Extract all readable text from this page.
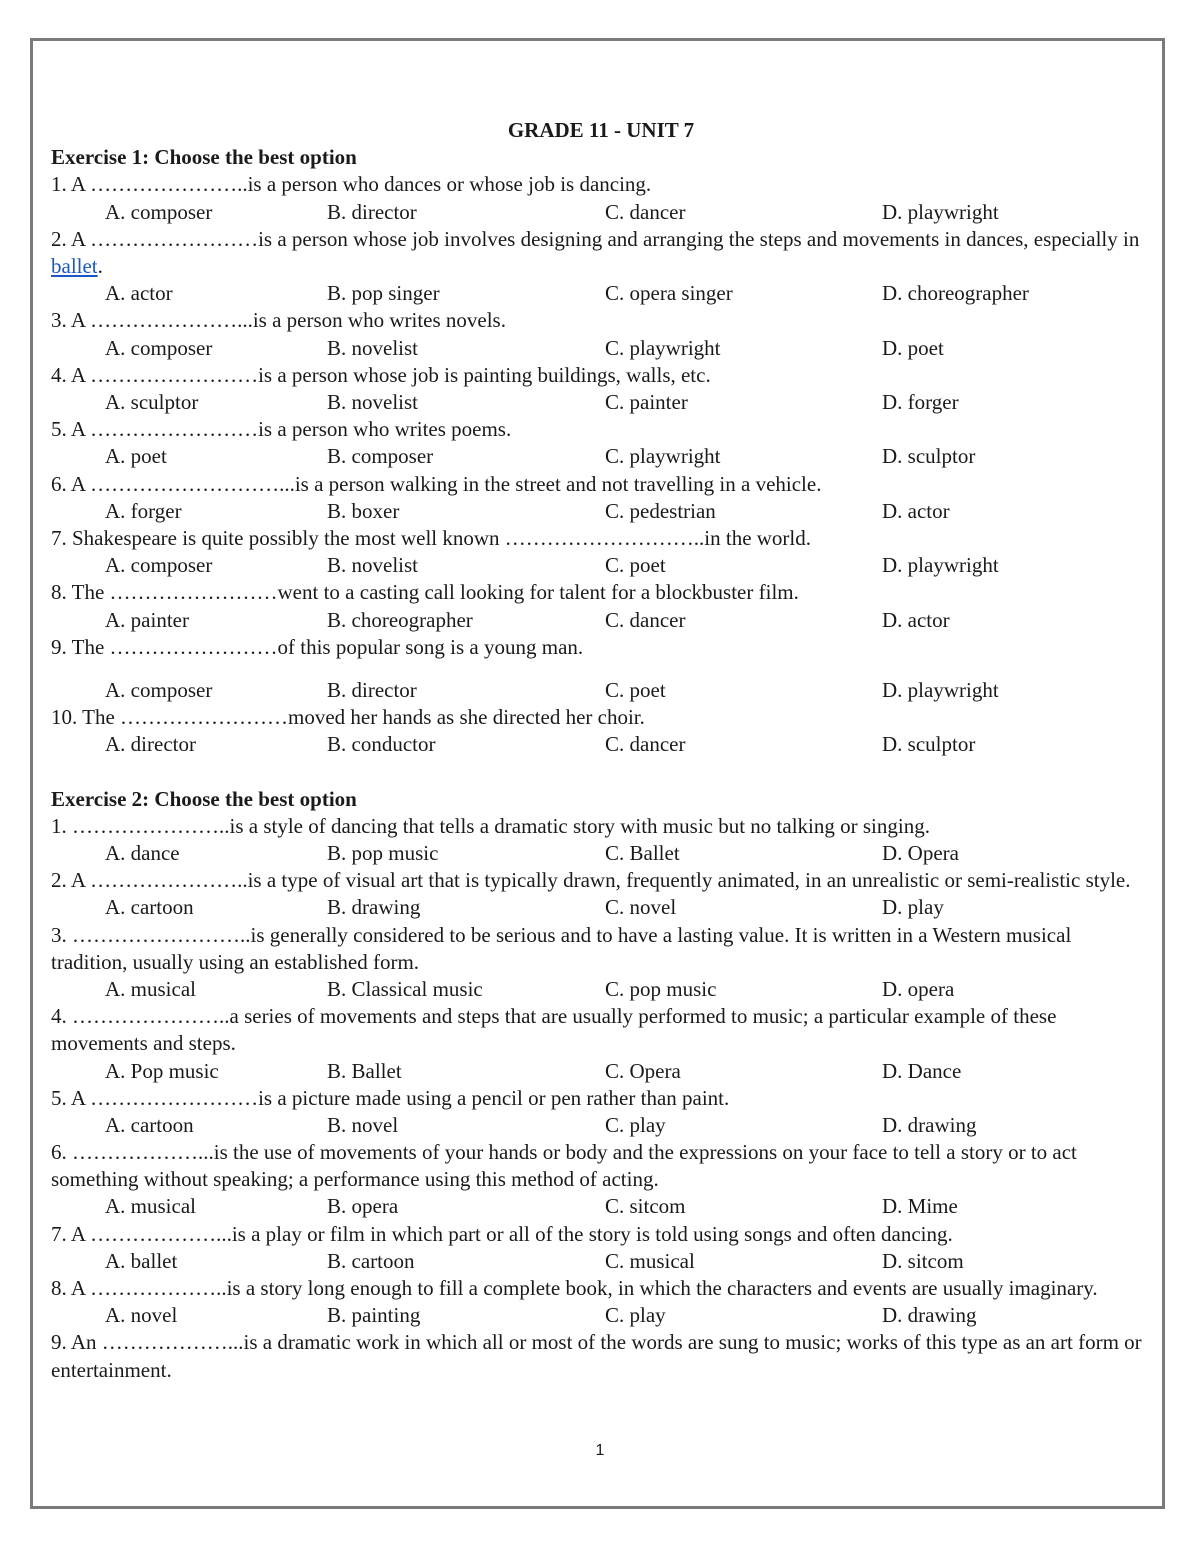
GRADE 11 - UNIT 7
Exercise 1: Choose the best option
1. A …………………..is a person who dances or whose job is dancing.
A. composer	B. director	C. dancer	D. playwright
2. A ……………………is a person whose job involves designing and arranging the steps and movements in dances, especially in ballet.
A. actor	B. pop singer	C. opera singer	D. choreographer
3. A …………………...is a person who writes novels.
A. composer	B. novelist	C. playwright	D. poet
4. A ……………………is a person whose job is painting buildings, walls, etc.
A. sculptor	B. novelist	C. painter	D. forger
5. A ……………………is a person who writes poems.
A. poet	B. composer	C. playwright	D. sculptor
6. A ………………………...is a person walking in the street and not travelling in a vehicle.
A. forger	B. boxer	C. pedestrian	D. actor
7. Shakespeare is quite possibly the most well known ………………………..in the world.
A. composer	B. novelist	C. poet	D. playwright
8. The ……………………went to a casting call looking for talent for a blockbuster film.
A. painter	B. choreographer	C. dancer	D. actor
9. The ……………………of this popular song is a young man.
A. composer	B. director	C. poet	D. playwright
10. The ……………………moved her hands as she directed her choir.
A. director	B. conductor	C. dancer	D. sculptor
Exercise 2: Choose the best option
1. …………………..is a style of dancing that tells a dramatic story with music but no talking or singing.
A. dance	B. pop music	C. Ballet	D. Opera
2. A …………………..is a type of visual art that is typically drawn, frequently animated, in an unrealistic or semi-realistic style.
A. cartoon	B. drawing	C. novel	D. play
3. ……………………..is generally considered to be serious and to have a lasting value. It is written in a Western musical tradition, usually using an established form.
A. musical	B. Classical music	C. pop music	D. opera
4. …………………..a series of movements and steps that are usually performed to music; a particular example of these movements and steps.
A. Pop music	B. Ballet	C. Opera	D. Dance
5. A ……………………is a picture made using a pencil or pen rather than paint.
A. cartoon	B. novel	C. play	D. drawing
6. ………………...is the use of movements of your hands or body and the expressions on your face to tell a story or to act something without speaking; a performance using this method of acting.
A. musical	B. opera	C. sitcom	D. Mime
7. A ………………...is a play or film in which part or all of the story is told using songs and often dancing.
A. ballet	B. cartoon	C. musical	D. sitcom
8. A ………………..is a story long enough to fill a complete book, in which the characters and events are usually imaginary.
A. novel	B. painting	C. play	D. drawing
9. An ………………...is a dramatic work in which all or most of the words are sung to music; works of this type as an art form or entertainment.
1
